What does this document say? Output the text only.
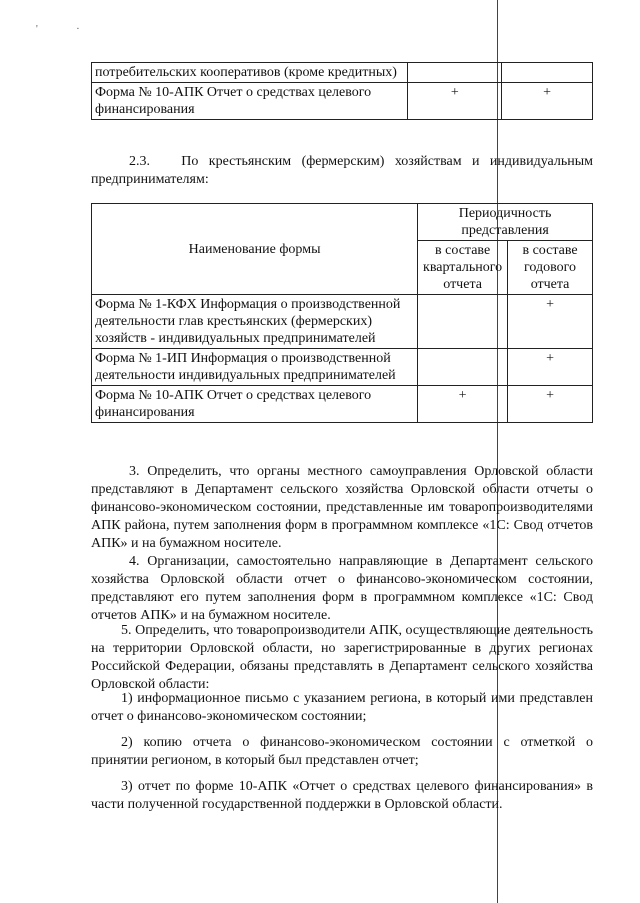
' ·
потребительских кооперативов (кроме кредитных)		
Форма № 10-АПК Отчет о средствах целевого финансирования	+	+

2.3. По крестьянским (фермерским) хозяйствам и индивидуальным предпринимателям:

Наименование формы	Периодичность представления	
	в составе квартального отчета	в составе годового отчета
Форма № 1-КФХ Информация о производственной деятельности глав крестьянских (фермерских) хозяйств - индивидуальных предпринимателей		+
Форма № 1-ИП Информация о производственной деятельности индивидуальных предпринимателей		+
Форма № 10-АПК Отчет о средствах целевого финансирования	+	+

3. Определить, что органы местного самоуправления Орловской области представляют в Департамент сельского хозяйства Орловской области отчеты о финансово-экономическом состоянии, представленные им товаропроизводителями АПК района, путем заполнения форм в программном комплексе «1С: Свод отчетов АПК» и на бумажном носителе.

4. Организации, самостоятельно направляющие в Департамент сельского хозяйства Орловской области отчет о финансово-экономическом состоянии, представляют его путем заполнения форм в программном комплексе «1С: Свод отчетов АПК» и на бумажном носителе.

5. Определить, что товаропроизводители АПК, осуществляющие деятельность на территории Орловской области, но зарегистрированные в других регионах Российской Федерации, обязаны представлять в Департамент сельского хозяйства Орловской области:

1) информационное письмо с указанием региона, в который ими представлен отчет о финансово-экономическом состоянии;

2) копию отчета о финансово-экономическом состоянии с отметкой о принятии регионом, в который был представлен отчет;

3) отчет по форме 10-АПК «Отчет о средствах целевого финансирования» в части полученной государственной поддержки в Орловской области.
